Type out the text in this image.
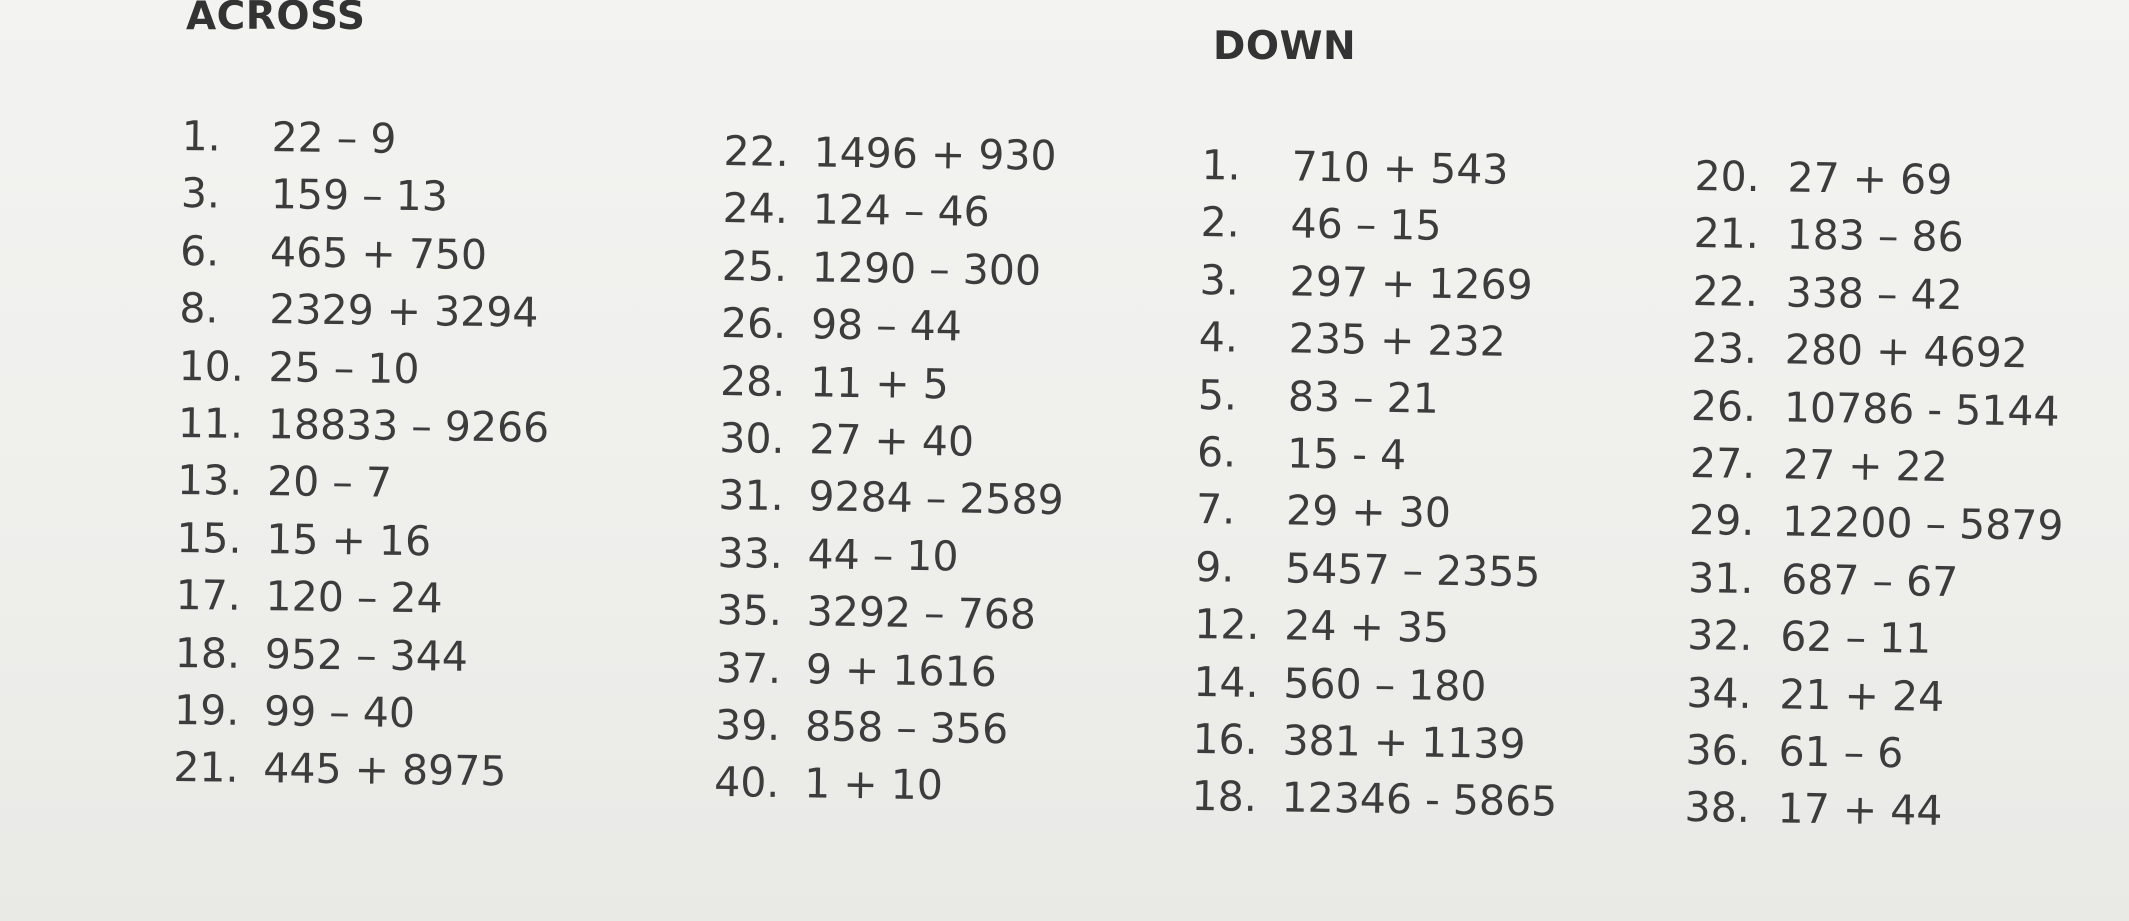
ACROSS
DOWN
1.	22 – 9
3.	159 – 13
6.	465 + 750
8.	2329 + 3294
10. 25 – 10
11. 18833 – 9266
13. 20 – 7
15. 15 + 16
17. 120 – 24
18. 952 – 344
19. 99 – 40
21. 445 + 8975
22. 1496 + 930
24. 124 – 46
25. 1290 – 300
26. 98 – 44
28. 11 + 5
30. 27 + 40
31. 9284 – 2589
33. 44 – 10
35. 3292 – 768
37. 9 + 1616
39. 858 – 356
40. 1 + 10
1.	710 + 543
2.	46 – 15
3.	297 + 1269
4.	235 + 232
5.	83 – 21
6.	15 - 4
7.	29 + 30
9.	5457 – 2355
12. 24 + 35
14. 560 – 180
16. 381 + 1139
18. 12346 - 5865
20. 27 + 69
21. 183 – 86
22. 338 – 42
23. 280 + 4692
26. 10786 - 5144
27. 27 + 22
29. 12200 – 5879
31. 687 – 67
32. 62 – 11
34. 21 + 24
36. 61 – 6
38. 17 + 44
